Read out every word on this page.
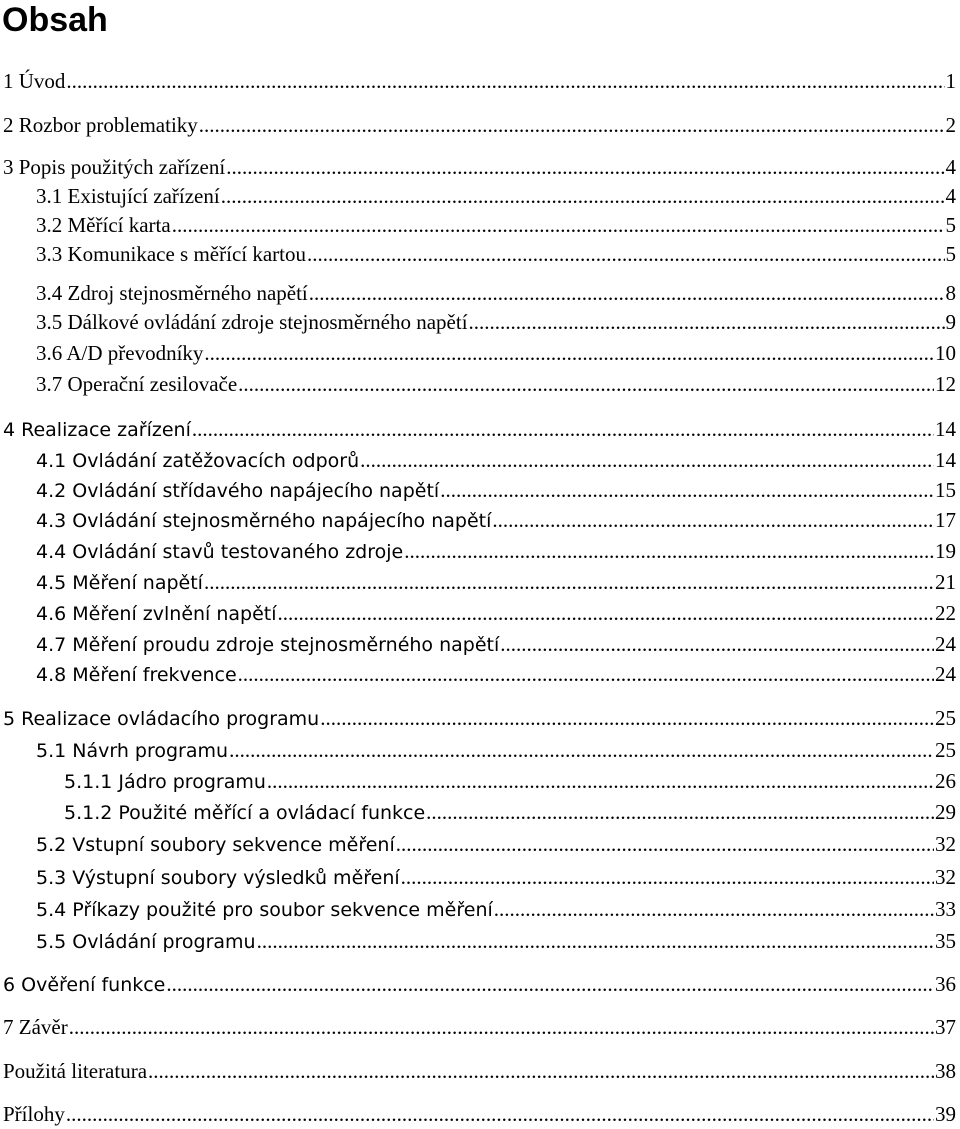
Obsah
1 Úvod .....	1
2 Rozbor problematiky .....	2
3 Popis použitých zařízení .....	4
3.1 Existující zařízení .....	4
3.2 Měřící karta .....	5
3.3 Komunikace s měřící kartou .....	5
3.4 Zdroj stejnosměrného napětí .....	8
3.5 Dálkové ovládání zdroje stejnosměrného napětí .....	9
3.6 A/D převodníky .....	10
3.7 Operační zesilovače .....	12
4 Realizace zařízení .....	14
4.1 Ovládání zatěžovacích odporů .....	14
4.2 Ovládání střídavého napájecího napětí .....	15
4.3 Ovládání stejnosměrného napájecího napětí .....	17
4.4 Ovládání stavů testovaného zdroje .....	19
4.5 Měření napětí .....	21
4.6 Měření zvlnění napětí .....	22
4.7 Měření proudu zdroje stejnosměrného napětí .....	24
4.8 Měření frekvence .....	24
5 Realizace ovládacího programu .....	25
5.1 Návrh programu .....	25
5.1.1 Jádro programu .....	26
5.1.2 Použité měřící a ovládací funkce .....	29
5.2 Vstupní soubory sekvence měření .....	32
5.3 Výstupní soubory výsledků měření .....	32
5.4 Příkazy použité pro soubor sekvence měření .....	33
5.5 Ovládání programu .....	35
6 Ověření funkce .....	36
7 Závěr .....	37
Použitá literatura .....	38
Přílohy .....	39
